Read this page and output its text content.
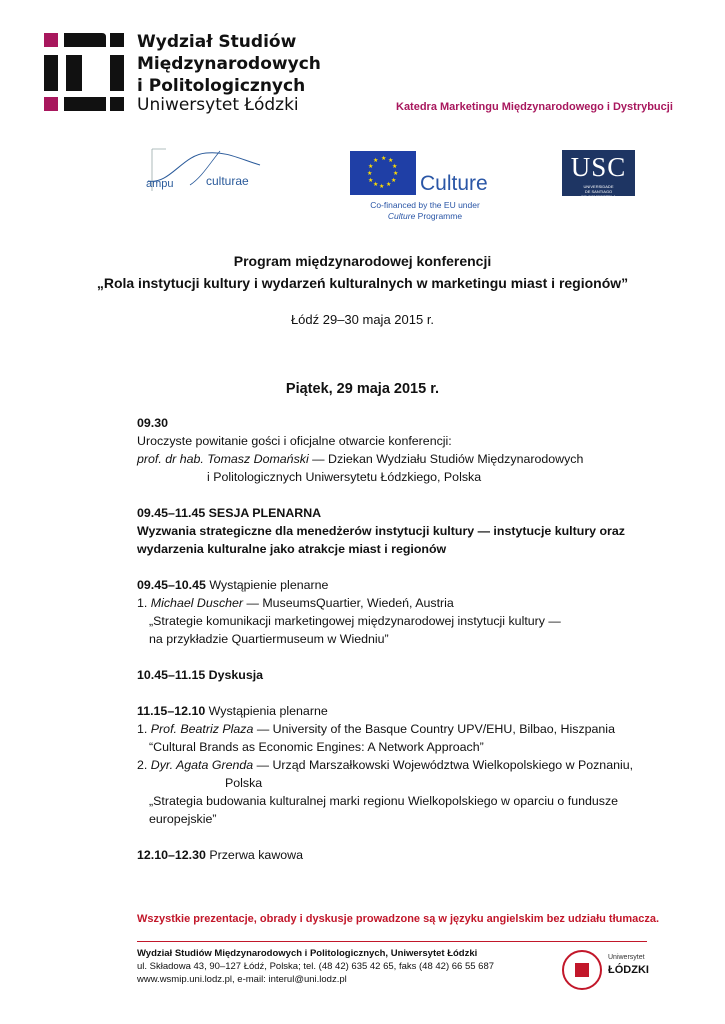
Wydział Studiów
Międzynarodowych
i Politologicznych
Uniwersytet Łódzki	Katedra Marketingu Międzynarodowego i Dystrybucji
ampu	culturae
★ ★
★
★
★
★
★
★
★
★
★
★
Culture
Co-financed by the EU under
Culture Programme
USC
UNIVERSIDADE
DE SANTIAGO
DE COMPOSTELA
Program międzynarodowej konferencji
„Rola instytucji kultury i wydarzeń kulturalnych w marketingu miast i regionów”
Łódź 29–30 maja 2015 r.
Piątek, 29 maja 2015 r.

09.30

Uroczyste powitanie gości i oficjalne otwarcie konferencji:

prof. dr hab. Tomasz Domański — Dziekan Wydziału Studiów Międzynarodowych

i Politologicznych Uniwersytetu Łódzkiego, Polska

09.45–11.45 SESJA PLENARNA

Wyzwania strategiczne dla menedżerów instytucji kultury — instytucje kultury oraz

wydarzenia kulturalne jako atrakcje miast i regionów

09.45–10.45 Wystąpienie plenarne

1. Michael Duscher — MuseumsQuartier, Wiedeń, Austria

„Strategie komunikacji marketingowej międzynarodowej instytucji kultury —

na przykładzie Quartiermuseum w Wiedniu”

10.45–11.15 Dyskusja

11.15–12.10 Wystąpienia plenarne

1. Prof. Beatriz Plaza — University of the Basque Country UPV/EHU, Bilbao, Hiszpania

“Cultural Brands as Economic Engines: A Network Approach”

2. Dyr. Agata Grenda — Urząd Marszałkowski Województwa Wielkopolskiego w Poznaniu,

Polska

„Strategia budowania kulturalnej marki regionu Wielkopolskiego w oparciu o fundusze

europejskie”

12.10–12.30 Przerwa kawowa

Wszystkie prezentacje, obrady i dyskusje prowadzone są w języku angielskim bez udziału tłumacza.
Wydział Studiów Międzynarodowych i Politologicznych, Uniwersytet Łódzki
ul. Składowa 43, 90–127 Łódź, Polska; tel. (48 42) 635 42 65, faks (48 42) 66 55 687
www.wsmip.uni.lodz.pl, e-mail: interul@uni.lodz.pl
Uniwersytet
ŁÓDZKI
